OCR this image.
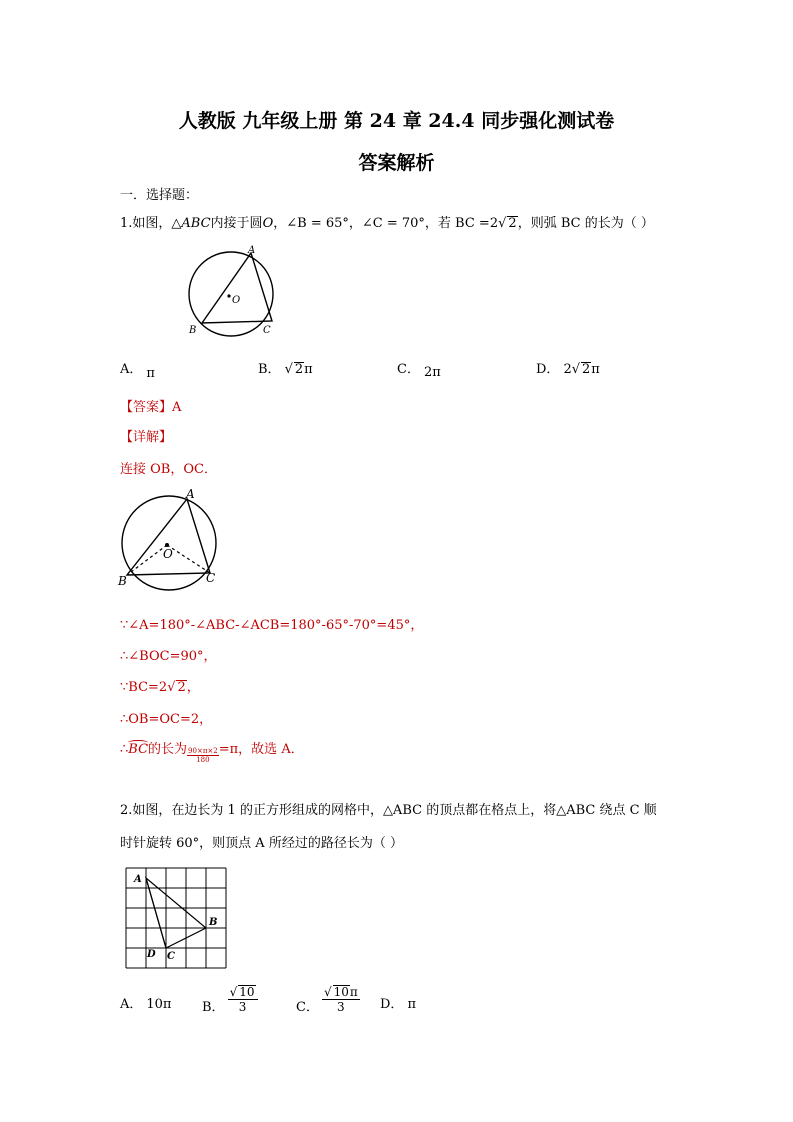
人教版 九年级上册 第 24 章 24.4 同步强化测试卷
答案解析
一．选择题：
1.如图，△ABC内接于圆O，∠B = 65°，∠C = 70°，若 BC =2√ 2，则弧 BC 的长为（ ）
A
O
B	C
A． π	B． √ 2π	C． 2π	D． 2√ 2π
【答案】A
【详解】
连接 OB，OC．
A
O
B	C
∵∠A=180°-∠ABC-∠ACB=180°-65°-70°=45°，
∴∠BOC=90°，
∵BC=2√ 2，
∴OB=OC=2，
∴BC的长为 $\frac{90\times\pi\times 2}{180} =\pi$，故选 A．
2.如图，在边长为 1 的正方形组成的网格中，△ABC 的顶点都在格点上，将△ABC 绕点 C 顺
时针旋转 60°，则顶点 A 所经过的路径长为（ ）
A
B
C
D
A． 10π B． $\frac{√ 10}{3}$	C． $\frac{√ 10\pi}{3}$ D． π
